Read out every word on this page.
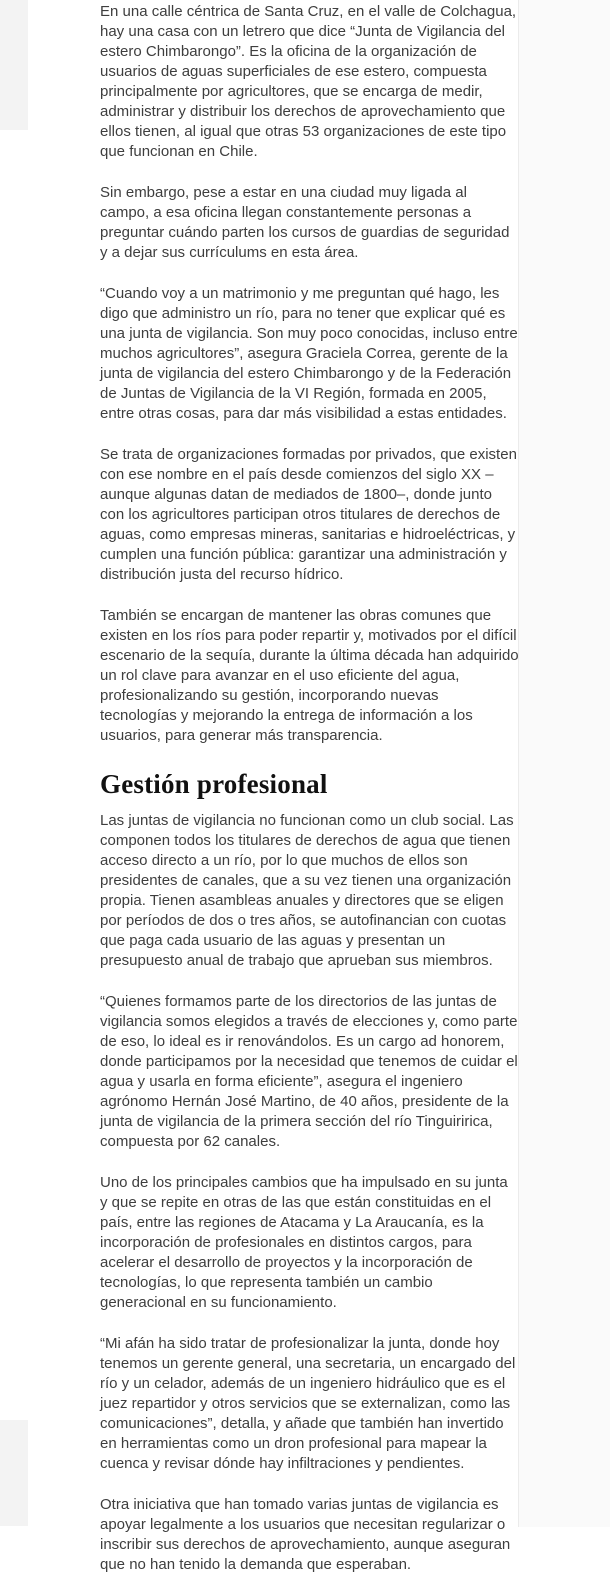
En una calle céntrica de Santa Cruz, en el valle de Colchagua, hay una casa con un letrero que dice “Junta de Vigilancia del estero Chimbarongo”. Es la oficina de la organización de usuarios de aguas superficiales de ese estero, compuesta principalmente por agricultores, que se encarga de medir, administrar y distribuir los derechos de aprovechamiento que ellos tienen, al igual que otras 53 organizaciones de este tipo que funcionan en Chile.

Sin embargo, pese a estar en una ciudad muy ligada al campo, a esa oficina llegan constantemente personas a preguntar cuándo parten los cursos de guardias de seguridad y a dejar sus currículums en esta área.

“Cuando voy a un matrimonio y me preguntan qué hago, les digo que administro un río, para no tener que explicar qué es una junta de vigilancia. Son muy poco conocidas, incluso entre muchos agricultores”, asegura Graciela Correa, gerente de la junta de vigilancia del estero Chimbarongo y de la Federación de Juntas de Vigilancia de la VI Región, formada en 2005, entre otras cosas, para dar más visibilidad a estas entidades.

Se trata de organizaciones formadas por privados, que existen con ese nombre en el país desde comienzos del siglo XX – aunque algunas datan de mediados de 1800–, donde junto con los agricultores participan otros titulares de derechos de aguas, como empresas mineras, sanitarias e hidroeléctricas, y cumplen una función pública: garantizar una administración y distribución justa del recurso hídrico.

También se encargan de mantener las obras comunes que existen en los ríos para poder repartir y, motivados por el difícil escenario de la sequía, durante la última década han adquirido un rol clave para avanzar en el uso eficiente del agua, profesionalizando su gestión, incorporando nuevas tecnologías y mejorando la entrega de información a los usuarios, para generar más transparencia.

Gestión profesional

Las juntas de vigilancia no funcionan como un club social. Las componen todos los titulares de derechos de agua que tienen acceso directo a un río, por lo que muchos de ellos son presidentes de canales, que a su vez tienen una organización propia. Tienen asambleas anuales y directores que se eligen por períodos de dos o tres años, se autofinancian con cuotas que paga cada usuario de las aguas y presentan un presupuesto anual de trabajo que aprueban sus miembros.

“Quienes formamos parte de los directorios de las juntas de vigilancia somos elegidos a través de elecciones y, como parte de eso, lo ideal es ir renovándolos. Es un cargo ad honorem, donde participamos por la necesidad que tenemos de cuidar el agua y usarla en forma eficiente”, asegura el ingeniero agrónomo Hernán José Martino, de 40 años, presidente de la junta de vigilancia de la primera sección del río Tinguiririca, compuesta por 62 canales.

Uno de los principales cambios que ha impulsado en su junta y que se repite en otras de las que están constituidas en el país, entre las regiones de Atacama y La Araucanía, es la incorporación de profesionales en distintos cargos, para acelerar el desarrollo de proyectos y la incorporación de tecnologías, lo que representa también un cambio generacional en su funcionamiento.

“Mi afán ha sido tratar de profesionalizar la junta, donde hoy tenemos un gerente general, una secretaria, un encargado del río y un celador, además de un ingeniero hidráulico que es el juez repartidor y otros servicios que se externalizan, como las comunicaciones”, detalla, y añade que también han invertido en herramientas como un dron profesional para mapear la cuenca y revisar dónde hay infiltraciones y pendientes.

Otra iniciativa que han tomado varias juntas de vigilancia es apoyar legalmente a los usuarios que necesitan regularizar o inscribir sus derechos de aprovechamiento, aunque aseguran que no han tenido la demanda que esperaban.
